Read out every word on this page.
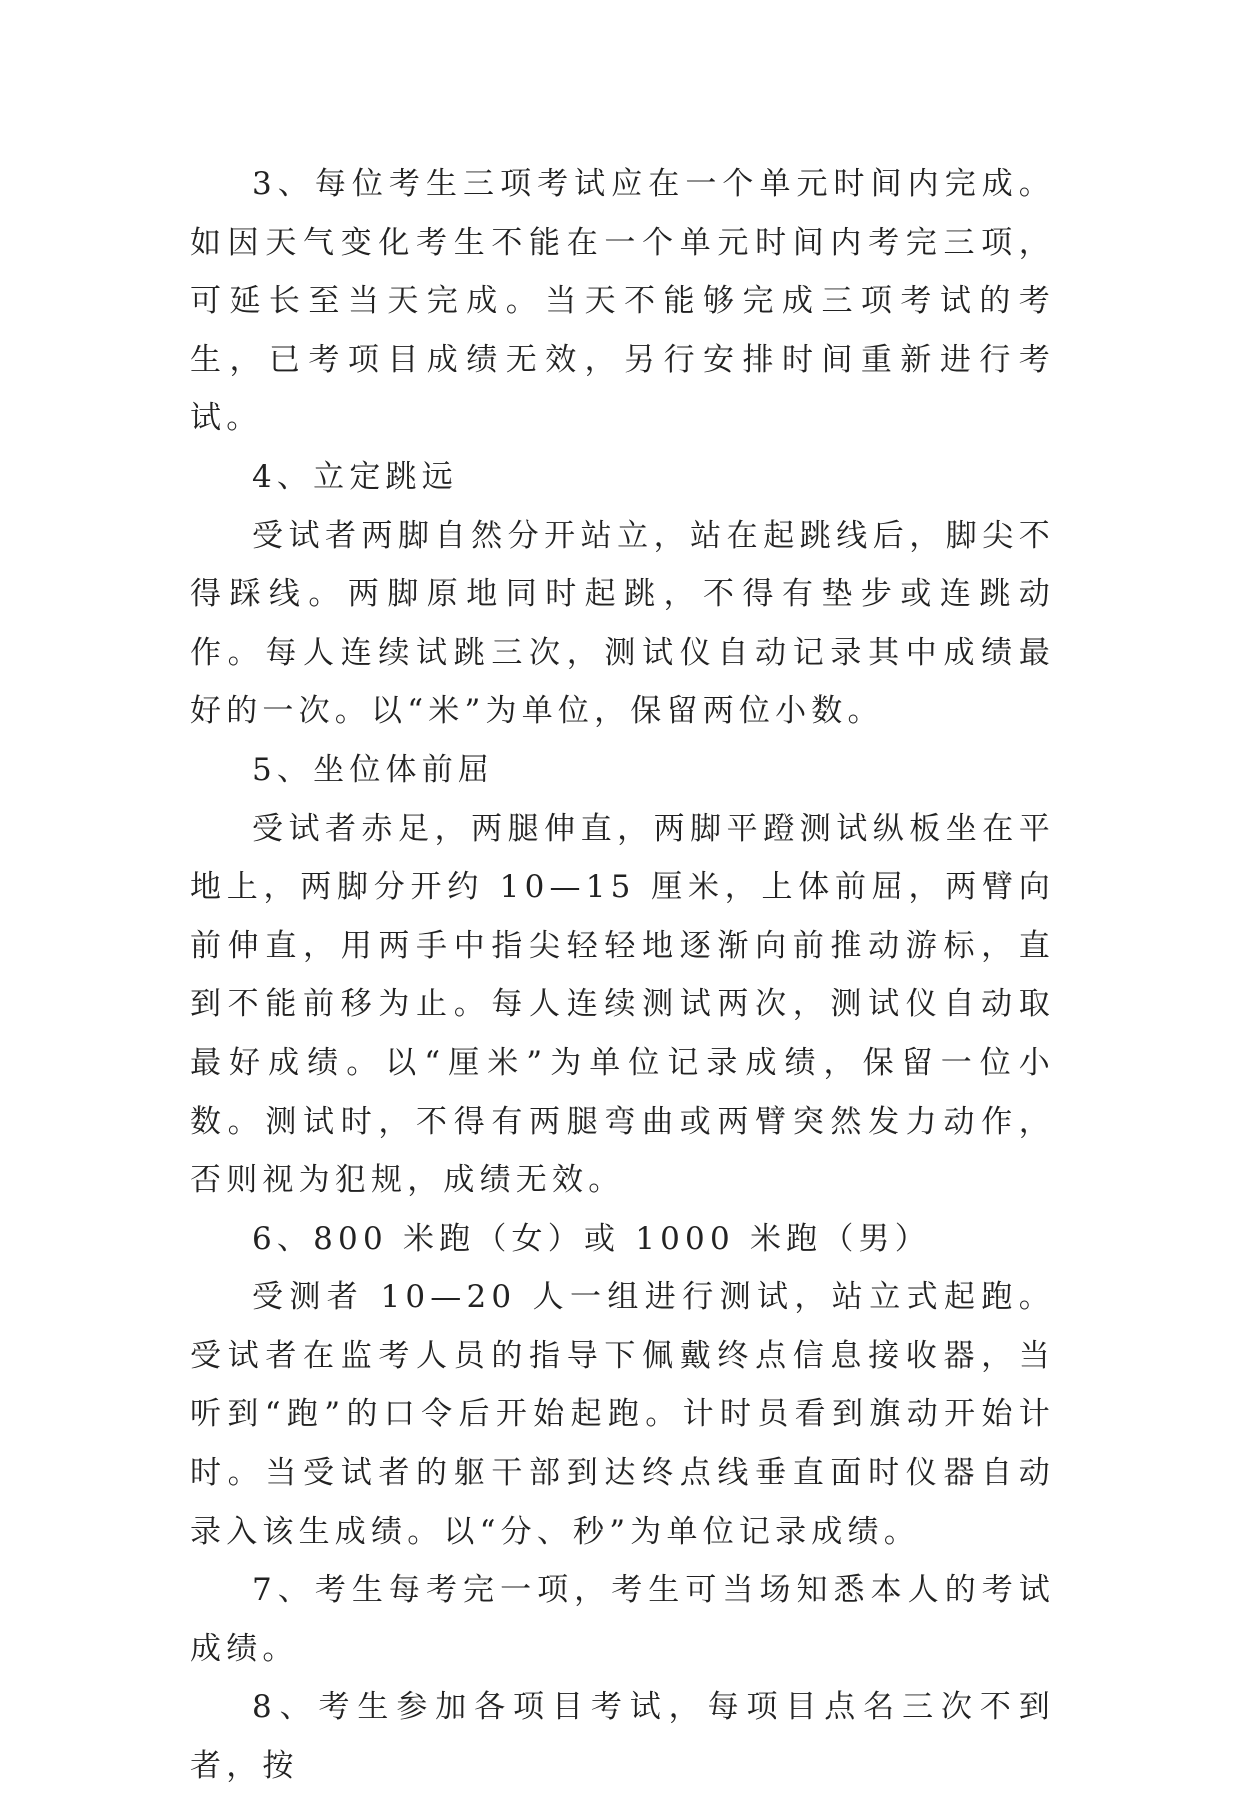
3、每位考生三项考试应在一个单元时间内完成。如因天气变化考生不能在一个单元时间内考完三项，可延长至当天完成。当天不能够完成三项考试的考生，已考项目成绩无效，另行安排时间重新进行考试。

4、立定跳远

受试者两脚自然分开站立，站在起跳线后，脚尖不得踩线。两脚原地同时起跳，不得有垫步或连跳动作。每人连续试跳三次，测试仪自动记录其中成绩最好的一次。以“米”为单位，保留两位小数。

5、坐位体前屈

受试者赤足，两腿伸直，两脚平蹬测试纵板坐在平地上，两脚分开约 10—15 厘米，上体前屈，两臂向前伸直，用两手中指尖轻轻地逐渐向前推动游标，直到不能前移为止。每人连续测试两次，测试仪自动取最好成绩。以“厘米”为单位记录成绩，保留一位小数。测试时，不得有两腿弯曲或两臂突然发力动作，否则视为犯规，成绩无效。

6、800 米跑（女）或 1000 米跑（男）

受测者 10—20 人一组进行测试，站立式起跑。受试者在监考人员的指导下佩戴终点信息接收器，当听到“跑”的口令后开始起跑。计时员看到旗动开始计时。当受试者的躯干部到达终点线垂直面时仪器自动录入该生成绩。以“分、秒”为单位记录成绩。

7、考生每考完一项，考生可当场知悉本人的考试成绩。

8、考生参加各项目考试，每项目点名三次不到者，按
